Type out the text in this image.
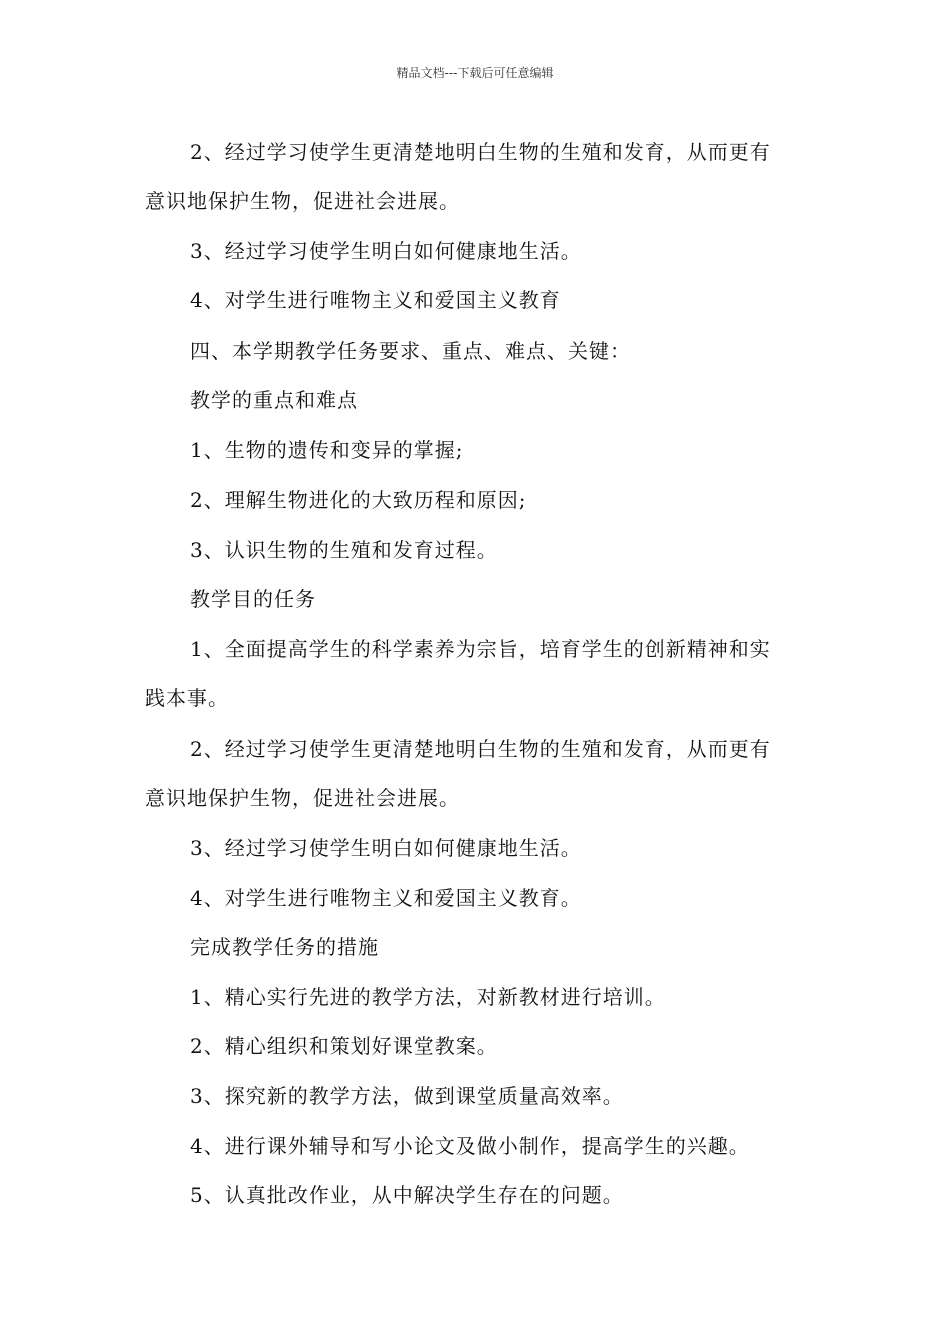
精品文档---下载后可任意编辑
2、经过学习使学生更清楚地明白生物的生殖和发育，从而更有
意识地保护生物，促进社会进展。
3、经过学习使学生明白如何健康地生活。
4、对学生进行唯物主义和爱国主义教育
四、本学期教学任务要求、重点、难点、关键：
教学的重点和难点
1、生物的遗传和变异的掌握;
2、理解生物进化的大致历程和原因;
3、认识生物的生殖和发育过程。
教学目的任务
1、全面提高学生的科学素养为宗旨，培育学生的创新精神和实
践本事。
2、经过学习使学生更清楚地明白生物的生殖和发育，从而更有
意识地保护生物，促进社会进展。
3、经过学习使学生明白如何健康地生活。
4、对学生进行唯物主义和爱国主义教育。
完成教学任务的措施
1、精心实行先进的教学方法，对新教材进行培训。
2、精心组织和策划好课堂教案。
3、探究新的教学方法，做到课堂质量高效率。
4、进行课外辅导和写小论文及做小制作，提高学生的兴趣。
5、认真批改作业，从中解决学生存在的问题。
